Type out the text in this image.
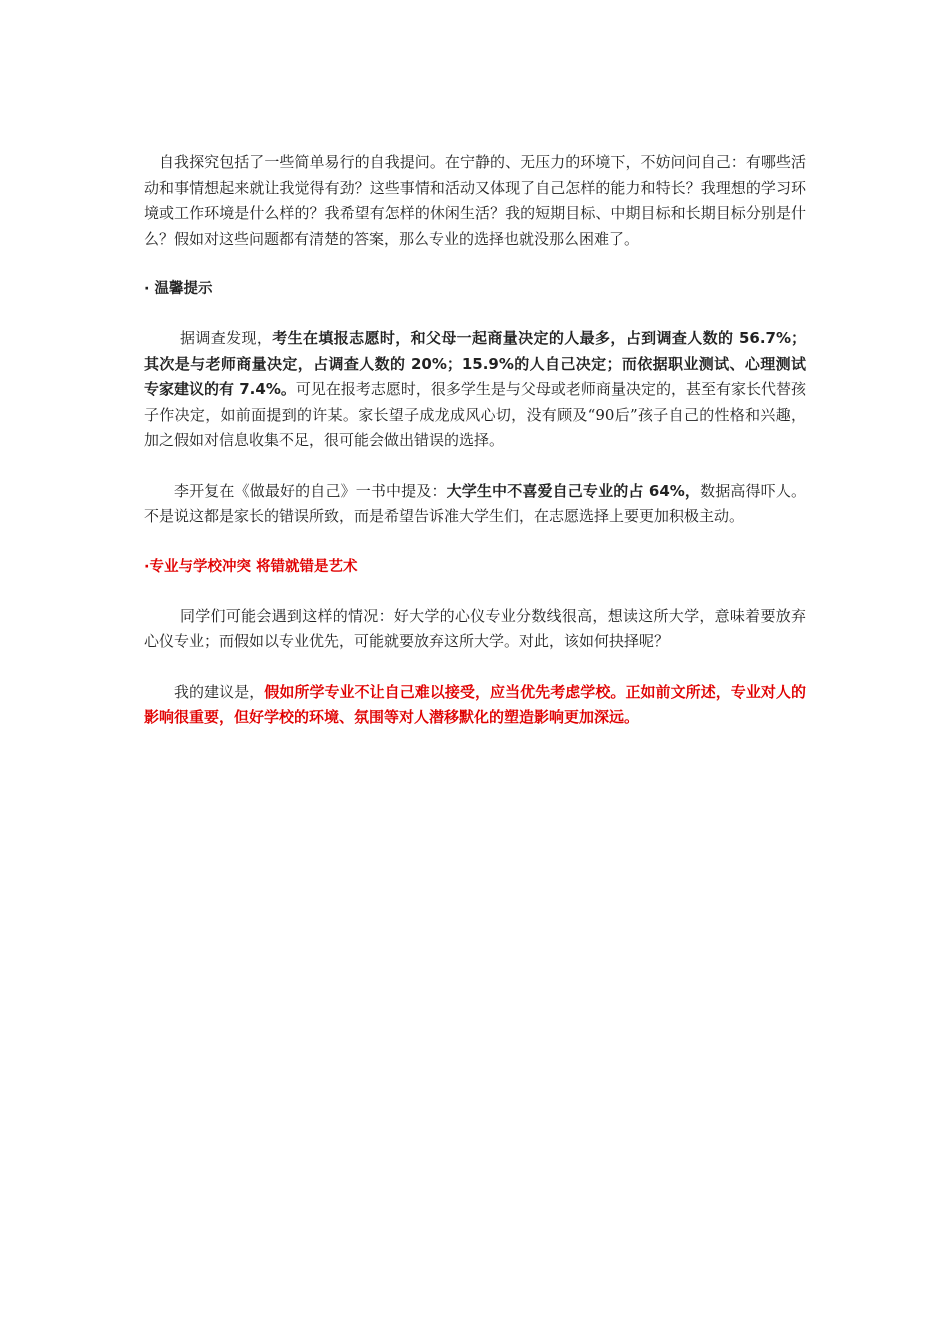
自我探究包括了一些简单易行的自我提问。在宁静的、无压力的环境下，不妨问问自己：有哪些活动和事情想起来就让我觉得有劲？这些事情和活动又体现了自己怎样的能力和特长？我理想的学习环境或工作环境是什么样的？我希望有怎样的休闲生活？我的短期目标、中期目标和长期目标分别是什么？假如对这些问题都有清楚的答案，那么专业的选择也就没那么困难了。

· 温馨提示

据调查发现，考生在填报志愿时，和父母一起商量决定的人最多，占到调查人数的 56.7%；其次是与老师商量决定，占调查人数的 20%；15.9%的人自己决定；而依据职业测试、心理测试专家建议的有 7.4%。可见在报考志愿时，很多学生是与父母或老师商量决定的，甚至有家长代替孩子作决定，如前面提到的许某。家长望子成龙成风心切，没有顾及“90后”孩子自己的性格和兴趣，加之假如对信息收集不足，很可能会做出错误的选择。

李开复在《做最好的自己》一书中提及：大学生中不喜爱自己专业的占 64%，数据高得吓人。不是说这都是家长的错误所致，而是希望告诉准大学生们，在志愿选择上要更加积极主动。

·专业与学校冲突 将错就错是艺术

同学们可能会遇到这样的情况：好大学的心仪专业分数线很高，想读这所大学，意味着要放弃心仪专业；而假如以专业优先，可能就要放弃这所大学。对此，该如何抉择呢？

我的建议是，假如所学专业不让自己难以接受，应当优先考虑学校。正如前文所述，专业对人的影响很重要，但好学校的环境、氛围等对人潜移默化的塑造影响更加深远。
